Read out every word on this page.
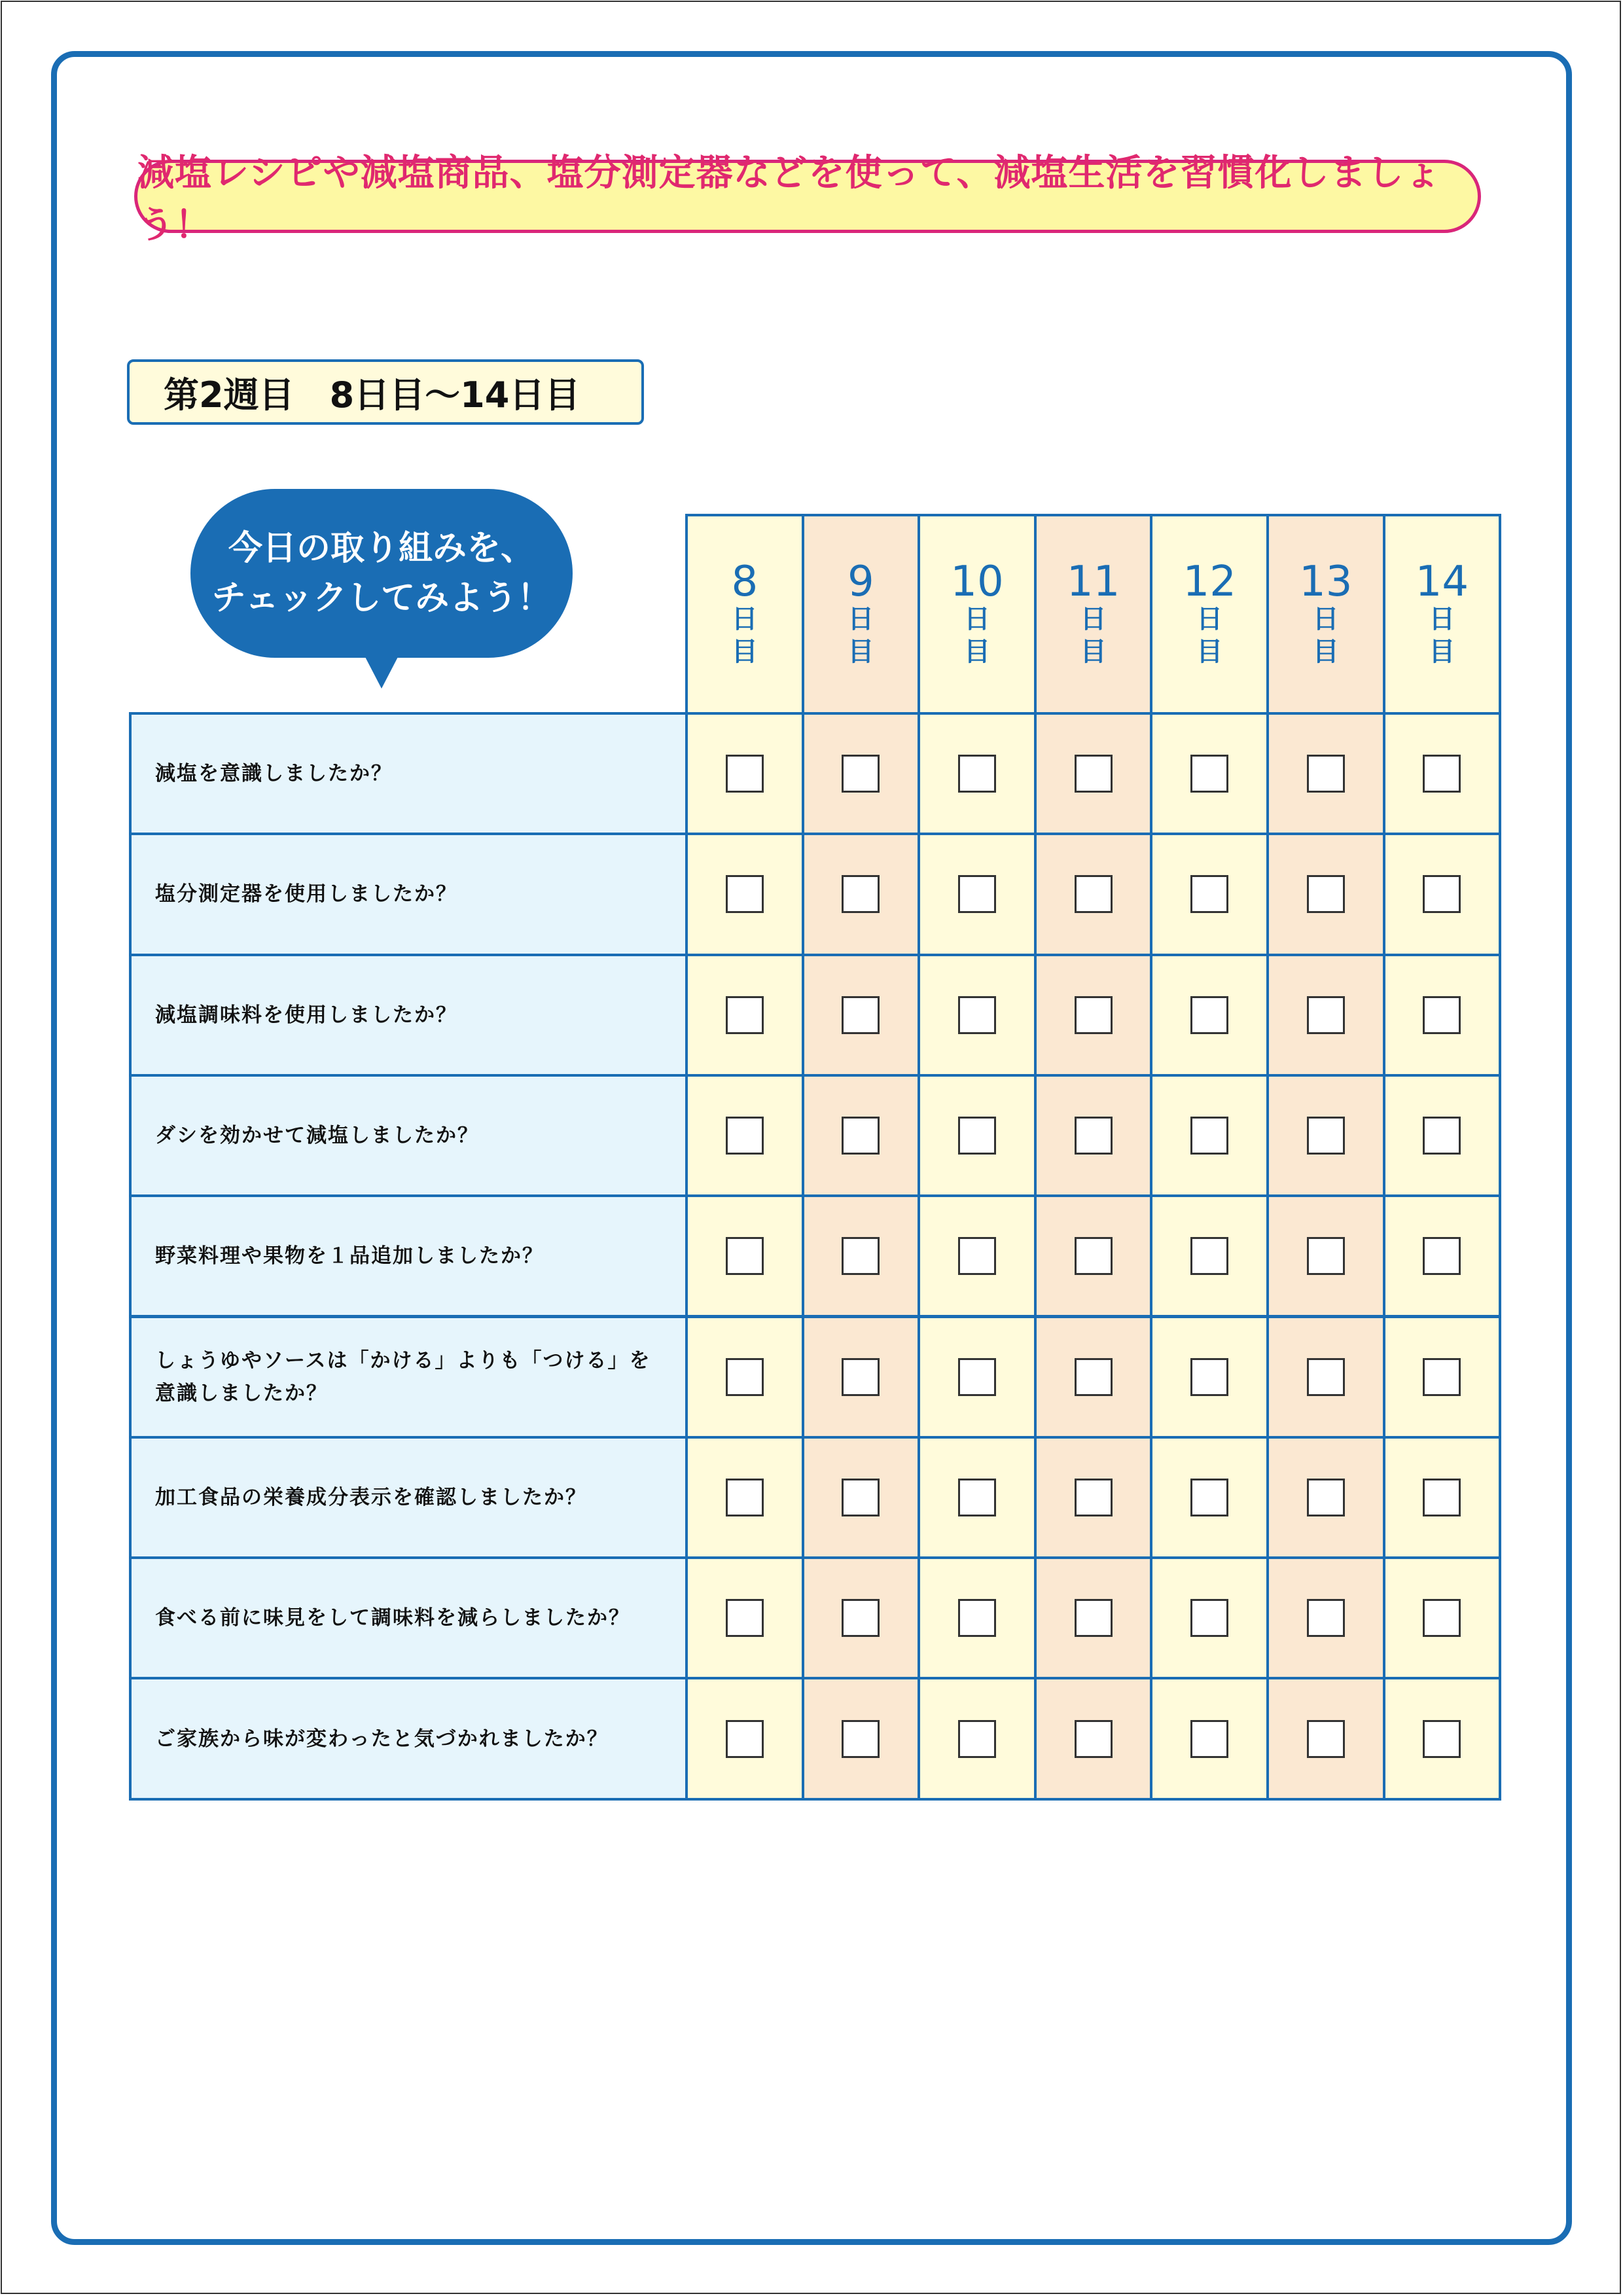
減塩レシピや減塩商品、塩分測定器などを使って、減塩生活を習慣化しましょう！
第2週目　8日目〜14日目
今日の取り組みを、
チェックしてみよう！	8
日
目
9
日
目
10
日
目
11
日
目
12
日
目
13
日
目
14
日
目
減塩を意識しましたか？
塩分測定器を使用しましたか？
減塩調味料を使用しましたか？
ダシを効かせて減塩しましたか？
野菜料理や果物を１品追加しましたか？
しょうゆやソースは「かける」よりも「つける」を意識しましたか？
加工食品の栄養成分表示を確認しましたか？
食べる前に味見をして調味料を減らしましたか？
ご家族から味が変わったと気づかれましたか？
